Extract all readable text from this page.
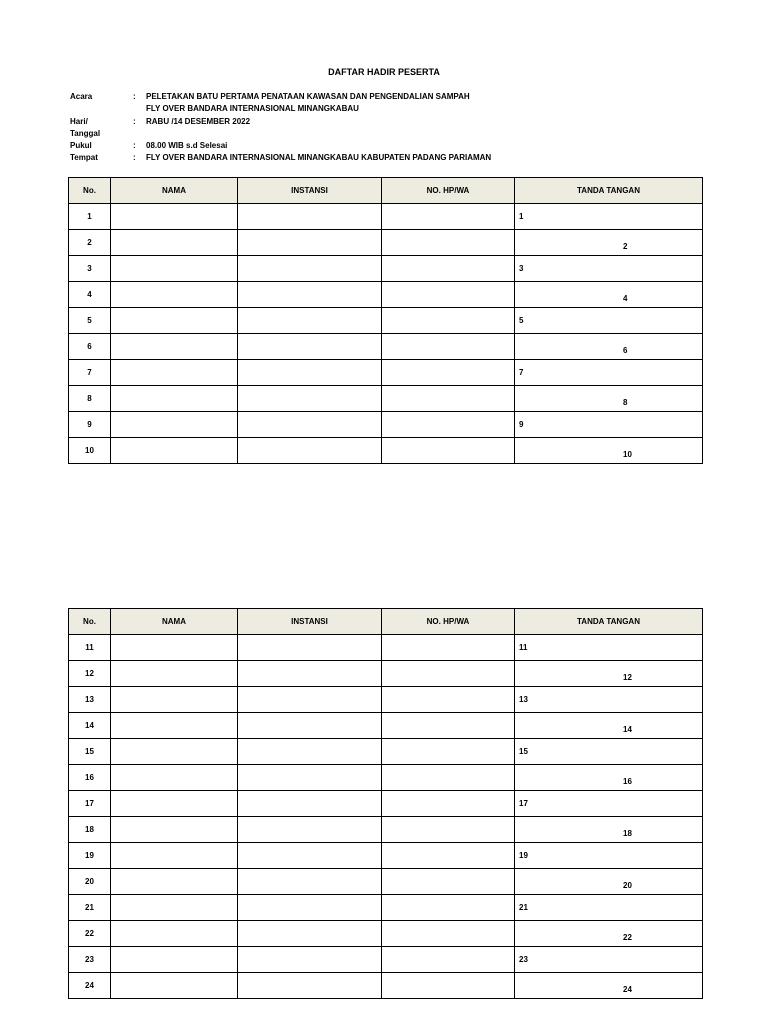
DAFTAR HADIR PESERTA
Acara	: PELETAKAN BATU PERTAMA PENATAAN KAWASAN DAN PENGENDALIAN SAMPAH
FLY OVER BANDARA INTERNASIONAL MINANGKABAU
Hari/	: RABU /14 DESEMBER 2022
Tanggal
Pukul	: 08.00 WIB s.d Selesai
Tempat	: FLY OVER BANDARA INTERNASIONAL MINANGKABAU KABUPATEN PADANG PARIAMAN
No.	NAMA	INSTANSI	NO. HP/WA	TANDA TANGAN
1				1

2				2

3				3

4				4

5				5

6				6

7				7

8				8

9				9

10				10
No.	NAMA	INSTANSI	NO. HP/WA	TANDA TANGAN
11				11

12				12

13				13

14				14

15				15

16				16

17				17

18				18

19				19

20				20

21				21

22				22

23				23

24				24
